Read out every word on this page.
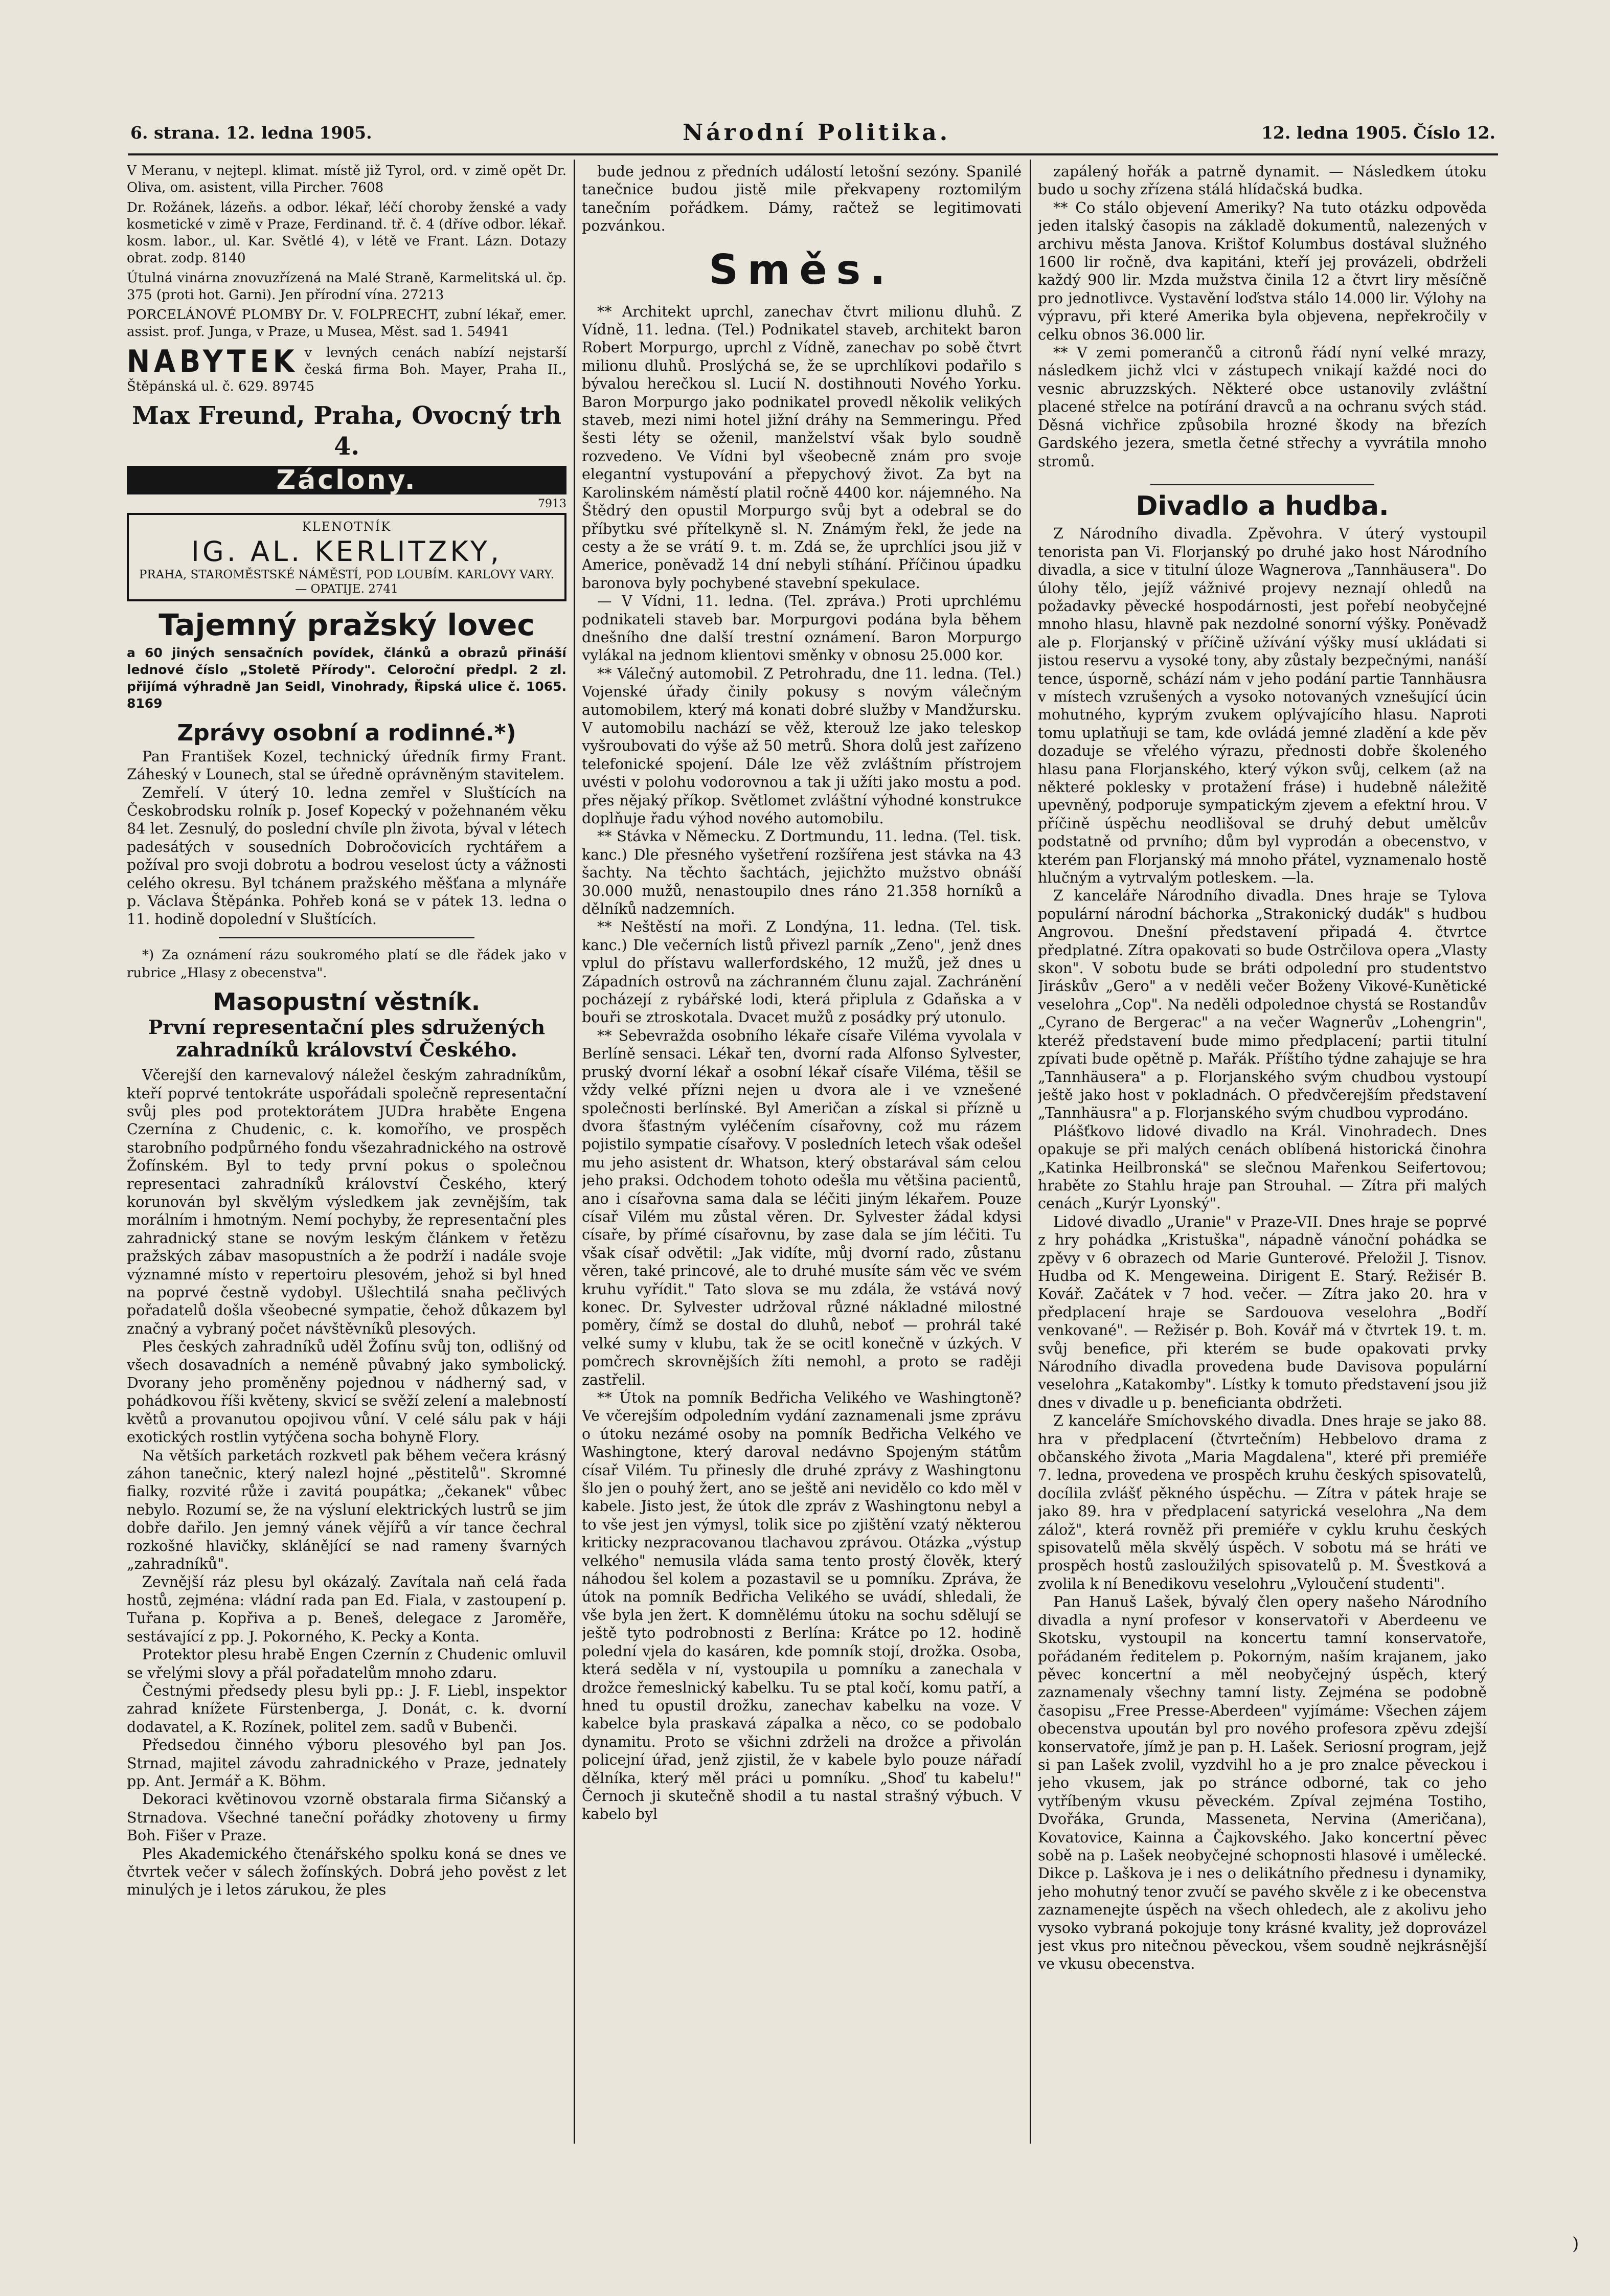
6. strana. 12. ledna 1905.	Národní Politika.	12. ledna 1905. Číslo 12.

V Meranu, v nejtepl. klimat. místě již Tyrol, ord. v zimě opět Dr. Oliva, om. asistent, villa Pircher. 7608

Dr. Rožánek, lázeňs. a odbor. lékař, léčí choroby ženské a vady kosmetické v zimě v Praze, Ferdinand. tř. č. 4 (dříve odbor. lékař. kosm. labor., ul. Kar. Světlé 4), v létě ve Frant. Lázn. Dotazy obrat. zodp. 8140

Útulná vinárna znovuzřízená na Malé Straně, Karmelitská ul. čp. 375 (proti hot. Garni). Jen přírodní vína. 27213

PORCELÁNOVÉ PLOMBY Dr. V. FOLPRECHT, zubní lékař, emer. assist. prof. Junga, v Praze, u Musea, Měst. sad 1. 54941

NABYTEK v levných cenách nabízí nejstarší česká firma Boh. Mayer, Praha II., Štěpánská ul. č. 629. 89745

Max Freund, Praha, Ovocný trh 4.

Záclony.

7913

KLENOTNÍK
IG. AL. KERLITZKY,
PRAHA, STAROMĚSTSKÉ NÁMĚSTÍ, POD LOUBÍM. KARLOVY VARY. — OPATIJE. 2741

Tajemný pražský lovec

a 60 jiných sensačních povídek, článků a obrazů přináší lednové číslo „Stoletě Přírody". Celoroční předpl. 2 zl. přijímá výhradně Jan Seidl, Vinohrady, Řipská ulice č. 1065. 8169

Zprávy osobní a rodinné.*)

Pan František Kozel, technický úředník firmy Frant. Záheský v Lounech, stal se úředně oprávněným stavitelem.

Zemřelí. V úterý 10. ledna zemřel v Sluštících na Českobrodsku rolník p. Josef Kopecký v požehnaném věku 84 let. Zesnulý, do poslední chvíle pln života, býval v létech padesátých v sousedních Dobročovicích rychtářem a požíval pro svoji dobrotu a bodrou veselost úcty a vážnosti celého okresu. Byl tchánem pražského měšťana a mlynáře p. Václava Štěpánka. Pohřeb koná se v pátek 13. ledna o 11. hodině dopolední v Sluštících.

*) Za oznámení rázu soukromého platí se dle řádek jako v rubrice „Hlasy z obecenstva".

Masopustní věstník.

První representační ples sdružených zahradníků království Českého.

Včerejší den karnevalový náležel českým zahradníkům, kteří poprvé tentokráte uspořádali společně representační svůj ples pod protektorátem JUDra hraběte Engena Czernína z Chudenic, c. k. komořího, ve prospěch starobního podpůrného fondu všezahradnického na ostrově Žofínském. Byl to tedy první pokus o společnou representaci zahradníků království Českého, který korunován byl skvělým výsledkem jak zevnějším, tak morálním i hmotným. Nemí pochyby, že representační ples zahradnický stane se novým leským článkem v řetězu pražských zábav masopustních a že podrží i nadále svoje významné místo v repertoiru plesovém, jehož si byl hned na poprvé čestně vydobyl. Ušlechtilá snaha pečlivých pořadatelů došla všeobecné sympatie, čehož důkazem byl značný a vybraný počet návštěvníků plesových.

Ples českých zahradníků uděl Žofínu svůj ton, odlišný od všech dosavadních a neméně půvabný jako symbolický. Dvorany jeho proměněny pojednou v nádherný sad, v pohádkovou říši květeny, skvicí se svěží zelení a malebností květů a provanutou opojivou vůní. V celé sálu pak v háji exotických rostlin vytýčena socha bohyně Flory.

Na větších parketách rozkvetl pak během večera krásný záhon tanečnic, který nalezl hojné „pěstitelů". Skromné fialky, rozvité růže i zavitá poupátka; „čekanek" vůbec nebylo. Rozumí se, že na výsluní elektrických lustrů se jim dobře dařilo. Jen jemný vánek vějířů a vír tance čechral rozkošné hlavičky, sklánějící se nad rameny švarných „zahradníků".

Zevnější ráz plesu byl okázalý. Zavítala naň celá řada hostů, zejména: vládní rada pan Ed. Fiala, v zastoupení p. Tuřana p. Kopřiva a p. Beneš, delegace z Jaroměře, sestávající z pp. J. Pokorného, K. Pecky a Konta.

Protektor plesu hrabě Engen Czernín z Chudenic omluvil se vřelými slovy a přál pořadatelům mnoho zdaru.

Čestnými předsedy plesu byli pp.: J. F. Liebl, inspektor zahrad knížete Fürstenberga, J. Donát, c. k. dvorní dodavatel, a K. Rozínek, politel zem. sadů v Bubenči.

Předsedou činného výboru plesového byl pan Jos. Strnad, majitel závodu zahradnického v Praze, jednately pp. Ant. Jermář a K. Böhm.

Dekoraci květinovou vzorně obstarala firma Sičanský a Strnadova. Všechné taneční pořádky zhotoveny u firmy Boh. Fišer v Praze.

Ples Akademického čtenářského spolku koná se dnes ve čtvrtek večer v sálech žofínských. Dobrá jeho pověst z let minulých je i letos zárukou, že ples

bude jednou z předních událostí letošní sezóny. Spanilé tanečnice budou jistě mile překvapeny roztomilým tanečním pořádkem. Dámy, račtež se legitimovati pozvánkou.

Směs.

** Architekt uprchl, zanechav čtvrt milionu dluhů. Z Vídně, 11. ledna. (Tel.) Podnikatel staveb, architekt baron Robert Morpurgo, uprchl z Vídně, zanechav po sobě čtvrt milionu dluhů. Proslýchá se, že se uprchlíkovi podařilo s bývalou herečkou sl. Lucií N. dostihnouti Nového Yorku. Baron Morpurgo jako podnikatel provedl několik velikých staveb, mezi nimi hotel jižní dráhy na Semmeringu. Před šesti léty se oženil, manželství však bylo soudně rozvedeno. Ve Vídni byl všeobecně znám pro svoje elegantní vystupování a přepychový život. Za byt na Karolinském náměstí platil ročně 4400 kor. nájemného. Na Štědrý den opustil Morpurgo svůj byt a odebral se do příbytku své přítelkyně sl. N. Známým řekl, že jede na cesty a že se vrátí 9. t. m. Zdá se, že uprchlíci jsou již v Americe, poněvadž 14 dní nebyli stíhání. Příčinou úpadku baronova byly pochybené stavební spekulace.

— V Vídni, 11. ledna. (Tel. zpráva.) Proti uprchlému podnikateli staveb bar. Morpurgovi podána byla během dnešního dne další trestní oznámení. Baron Morpurgo vylákal na jednom klientovi směnky v obnosu 25.000 kor.

** Válečný automobil. Z Petrohradu, dne 11. ledna. (Tel.) Vojenské úřady činily pokusy s novým válečným automobilem, který má konati dobré služby v Mandžursku. V automobilu nachází se věž, kterouž lze jako teleskop vyšroubovati do výše až 50 metrů. Shora dolů jest zařízeno telefonické spojení. Dále lze věž zvláštním přístrojem uvésti v polohu vodorovnou a tak ji užíti jako mostu a pod. přes nějaký příkop. Světlomet zvláštní výhodné konstrukce doplňuje řadu výhod nového automobilu.

** Stávka v Německu. Z Dortmundu, 11. ledna. (Tel. tisk. kanc.) Dle přesného vyšetření rozšířena jest stávka na 43 šachty. Na těchto šachtách, jejichžto mužstvo obnáší 30.000 mužů, nenastoupilo dnes ráno 21.358 horníků a dělníků nadzemních.

** Neštěstí na moři. Z Londýna, 11. ledna. (Tel. tisk. kanc.) Dle večerních listů přivezl parník „Zeno", jenž dnes vplul do přístavu wallerfordského, 12 mužů, jež dnes u Západních ostrovů na záchranném člunu zajal. Zachránění pocházejí z rybářské lodi, která připlula z Gdaňska a v bouři se ztroskotala. Dvacet mužů z posádky prý utonulo.

** Sebevražda osobního lékaře císaře Viléma vyvolala v Berlíně sensaci. Lékař ten, dvorní rada Alfonso Sylvester, pruský dvorní lékař a osobní lékař císaře Viléma, těšil se vždy velké přízni nejen u dvora ale i ve vznešené společnosti berlínské. Byl Američan a získal si přízně u dvora šťastným vyléčením císařovny, což mu rázem pojistilo sympatie císařovy. V posledních letech však odešel mu jeho asistent dr. Whatson, který obstarával sám celou jeho praksi. Odchodem tohoto odešla mu většina pacientů, ano i císařovna sama dala se léčiti jiným lékařem. Pouze císař Vilém mu zůstal věren. Dr. Sylvester žádal kdysi císaře, by přímé císařovnu, by zase dala se jím léčiti. Tu však císař odvětil: „Jak vidíte, můj dvorní rado, zůstanu věren, také princové, ale to druhé musíte sám věc ve svém kruhu vyřídit." Tato slova se mu zdála, že vstává nový konec. Dr. Sylvester udržoval různé nákladné milostné poměry, čímž se dostal do dluhů, neboť — prohrál také velké sumy v klubu, tak že se ocitl konečně v úzkých. V pomčrech skrovnějších žíti nemohl, a proto se raději zastřelil.

** Útok na pomník Bedřicha Velikého ve Washingtoně? Ve včerejším odpoledním vydání zaznamenali jsme zprávu o útoku nezámé osoby na pomník Bedřicha Velkého ve Washingtone, který daroval nedávno Spojeným státům císař Vilém. Tu přinesly dle druhé zprávy z Washingtonu šlo jen o pouhý žert, ano se ještě ani nevidělo co kdo měl v kabele. Jisto jest, že útok dle zpráv z Washingtonu nebyl a to vše jest jen výmysl, tolik sice po zjištění vzatý některou kriticky nezpracovanou tlachavou zprávou. Otázka „výstup velkého" nemusila vláda sama tento prostý člověk, který náhodou šel kolem a pozastavil se u pomníku. Zpráva, že útok na pomník Bedřicha Velikého se uvádí, shledali, že vše byla jen žert. K domnělému útoku na sochu sdělují se ještě tyto podrobnosti z Berlína: Krátce po 12. hodině polední vjela do kasáren, kde pomník stojí, drožka. Osoba, která seděla v ní, vystoupila u pomníku a zanechala v drožce řemeslnický kabelku. Tu se ptal kočí, komu patří, a hned tu opustil drožku, zanechav kabelku na voze. V kabelce byla praskavá zápalka a něco, co se podobalo dynamitu. Proto se všichni zdrželi na drožce a přivolán policejní úřad, jenž zjistil, že v kabele bylo pouze nářadí dělníka, který měl práci u pomníku. „Shoď tu kabelu!" Černoch ji skutečně shodil a tu nastal strašný výbuch. V kabelo byl

zapálený hořák a patrně dynamit. — Následkem útoku budo u sochy zřízena stálá hlídačská budka.

** Co stálo objevení Ameriky? Na tuto otázku odpověda jeden italský časopis na základě dokumentů, nalezených v archivu města Janova. Krištof Kolumbus dostával služného 1600 lir ročně, dva kapitáni, kteří jej provázeli, obdrželi každý 900 lir. Mzda mužstva činila 12 a čtvrt liry měsíčně pro jednotlivce. Vystavění loďstva stálo 14.000 lir. Výlohy na výpravu, při které Amerika byla objevena, nepřekročily v celku obnos 36.000 lir.

** V zemi pomerančů a citronů řádí nyní velké mrazy, následkem jichž vlci v zástupech vnikají každé noci do vesnic abruzzských. Některé obce ustanovily zvláštní placené střelce na potírání dravců a na ochranu svých stád. Děsná vichřice způsobila hrozné škody na březích Gardského jezera, smetla četné střechy a vyvrátila mnoho stromů.

Divadlo a hudba.

Z Národního divadla. Zpěvohra. V úterý vystoupil tenorista pan Vi. Florjanský po druhé jako host Národního divadla, a sice v titulní úloze Wagnerova „Tannhäusera". Do úlohy tělo, jejíž vážnivé projevy neznají ohledů na požadavky pěvecké hospodárnosti, jest pořebí neobyčejné mnoho hlasu, hlavně pak nezdolné sonorní výšky. Poněvadž ale p. Florjanský v příčině užívání výšky musí ukládati si jistou reservu a vysoké tony, aby zůstaly bezpečnými, nanáší tence, úsporně, schází nám v jeho podání partie Tannhäusra v místech vzrušených a vysoko notovaných vznešující úcin mohutného, kyprým zvukem oplývajícího hlasu. Naproti tomu uplatňuji se tam, kde ovládá jemné zladění a kde pěv dozaduje se vřelého výrazu, přednosti dobře školeného hlasu pana Florjanského, který výkon svůj, celkem (až na některé poklesky v protažení fráse) i hudebně náležitě upevněný, podporuje sympatickým zjevem a efektní hrou. V příčině úspěchu neodlišoval se druhý debut umělcův podstatně od prvního; dům byl vyprodán a obecenstvo, v kterém pan Florjanský má mnoho přátel, vyznamenalo hostě hlučným a vytrvalým potleskem. —la.

Z kanceláře Národního divadla. Dnes hraje se Tylova populární národní báchorka „Strakonický dudák" s hudbou Angrovou. Dnešní představení připadá 4. čtvrtce předplatné. Zítra opakovati so bude Ostrčilova opera „Vlasty skon". V sobotu bude se bráti odpolední pro studentstvo Jiráskův „Gero" a v neděli večer Boženy Vikové-Kunětické veselohra „Cop". Na neděli odpolednoe chystá se Rostandův „Cyrano de Bergerac" a na večer Wagnerův „Lohengrin", kteréž představení bude mimo předplacení; partii titulní zpívati bude opětně p. Mařák. Příštího týdne zahajuje se hra „Tannhäusera" a p. Florjanského svým chudbou vystoupí ještě jako host v pokladnách. O předvčerejším představení „Tannhäusra" a p. Florjanského svým chudbou vyprodáno.

Plášťkovo lidové divadlo na Král. Vinohradech. Dnes opakuje se při malých cenách oblíbená historická činohra „Katinka Heilbronská" se slečnou Mařenkou Seifertovou; hraběte zo Stahlu hraje pan Strouhal. — Zítra při malých cenách „Kurýr Lyonský".

Lidové divadlo „Uranie" v Praze-VII. Dnes hraje se poprvé z hry pohádka „Kristuška", nápadně vánoční pohádka se zpěvy v 6 obrazech od Marie Gunterové. Přeložil J. Tisnov. Hudba od K. Mengeweina. Dirigent E. Starý. Režisér B. Kovář. Začátek v 7 hod. večer. — Zítra jako 20. hra v předplacení hraje se Sardouova veselohra „Bodří venkované". — Režisér p. Boh. Kovář má v čtvrtek 19. t. m. svůj benefice, při kterém se bude opakovati prvky Národního divadla provedena bude Davisova populární veselohra „Katakomby". Lístky k tomuto představení jsou již dnes v divadle u p. beneficianta obdržeti.

Z kanceláře Smíchovského divadla. Dnes hraje se jako 88. hra v předplacení (čtvrtečním) Hebbelovo drama z občanského života „Maria Magdalena", které při premiéře 7. ledna, provedena ve prospěch kruhu českých spisovatelů, docílila zvlášť pěkného úspěchu. — Zítra v pátek hraje se jako 89. hra v předplacení satyrická veselohra „Na dem zálož", která rovněž při premiéře v cyklu kruhu českých spisovatelů měla skvělý úspěch. V sobotu má se hráti ve prospěch hostů zasloužilých spisovatelů p. M. Švestková a zvolila k ní Benedikovu veselohru „Vyloučení studenti".

Pan Hanuš Lašek, bývalý člen opery našeho Národního divadla a nyní profesor v konservatoři v Aberdeenu ve Skotsku, vystoupil na koncertu tamní konservatoře, pořádaném ředitelem p. Pokorným, naším krajanem, jako pěvec koncertní a měl neobyčejný úspěch, který zaznamenaly všechny tamní listy. Zejména se podobně časopisu „Free Presse-Aberdeen" vyjímáme: Všechen zájem obecenstva upoután byl pro nového profesora zpěvu zdejší konservatoře, jímž je pan p. H. Lašek. Seriosní program, jejž si pan Lašek zvolil, vyzdvihl ho a je pro znalce pěveckou i jeho vkusem, jak po stránce odborné, tak co jeho vytříbeným vkusu pěveckém. Zpíval zejména Tostiho, Dvořáka, Grunda, Massenetа, Nervina (Američana), Kovatovice, Kainna a Čajkovského. Jako koncertní pěvec sobě na p. Lašek neobyčejné schopnosti hlasové i umělecké. Dikce p. Laškova je i nes o delikátního přednesu i dynamiky, jeho mohutný tenor zvučí se pavého skvěle z i ke obecenstva zaznamenejte úspěch na všech ohledech, ale z akolivu jeho vysoko vybraná pokojuje tony krásné kvality, jež doprovázel jest vkus pro nitečnou pěveckou, všem soudně nejkrásnější ve vkusu obecenstva.

)
